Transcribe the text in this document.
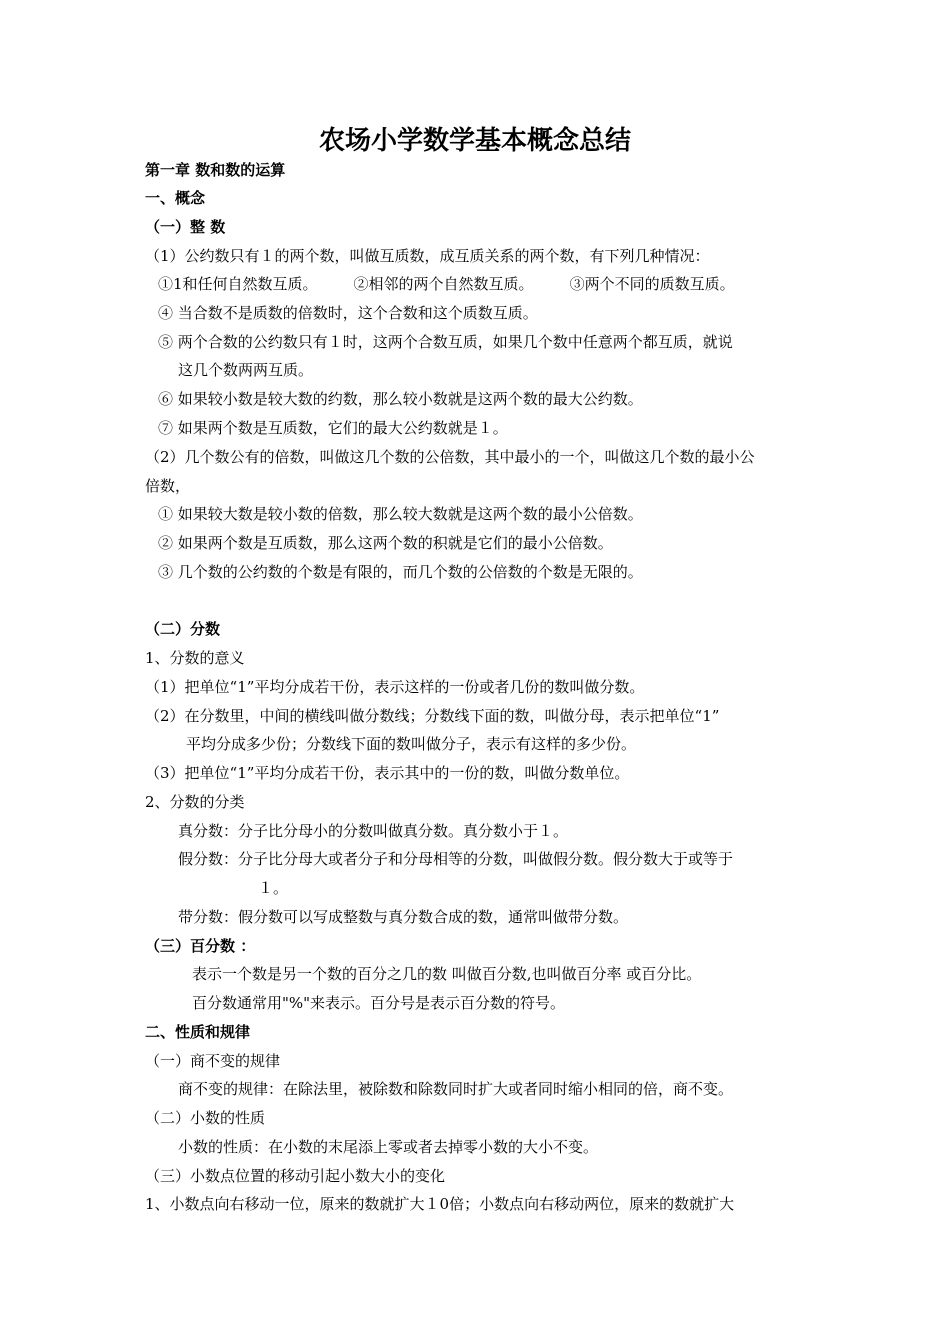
农场小学数学基本概念总结
第一章 数和数的运算
一、概念
（一）整 数
（1）公约数只有１的两个数，叫做互质数，成互质关系的两个数，有下列几种情况：
①1和任何自然数互质。 ②相邻的两个自然数互质。 ③两个不同的质数互质。
④ 当合数不是质数的倍数时，这个合数和这个质数互质。
⑤ 两个合数的公约数只有１时，这两个合数互质，如果几个数中任意两个都互质，就说
这几个数两两互质。
⑥ 如果较小数是较大数的约数，那么较小数就是这两个数的最大公约数。
⑦ 如果两个数是互质数，它们的最大公约数就是１。
（2）几个数公有的倍数，叫做这几个数的公倍数，其中最小的一个，叫做这几个数的最小公
倍数，
① 如果较大数是较小数的倍数，那么较大数就是这两个数的最小公倍数。
② 如果两个数是互质数，那么这两个数的积就是它们的最小公倍数。
③ 几个数的公约数的个数是有限的，而几个数的公倍数的个数是无限的。
（二）分数
1、分数的意义
（1）把单位“1”平均分成若干份，表示这样的一份或者几份的数叫做分数。
（2）在分数里，中间的横线叫做分数线；分数线下面的数，叫做分母，表示把单位“1”
平均分成多少份；分数线下面的数叫做分子，表示有这样的多少份。
（3）把单位“1”平均分成若干份，表示其中的一份的数，叫做分数单位。
2、分数的分类
真分数：分子比分母小的分数叫做真分数。真分数小于１。
假分数：分子比分母大或者分子和分母相等的分数，叫做假分数。假分数大于或等于
１。
带分数：假分数可以写成整数与真分数合成的数，通常叫做带分数。
（三）百分数 ：
表示一个数是另一个数的百分之几的数 叫做百分数,也叫做百分率 或百分比。
百分数通常用"%"来表示。百分号是表示百分数的符号。
二、性质和规律
（一）商不变的规律
商不变的规律：在除法里，被除数和除数同时扩大或者同时缩小相同的倍，商不变。
（二）小数的性质
小数的性质：在小数的末尾添上零或者去掉零小数的大小不变。
（三）小数点位置的移动引起小数大小的变化
1、小数点向右移动一位，原来的数就扩大１0倍；小数点向右移动两位，原来的数就扩大
